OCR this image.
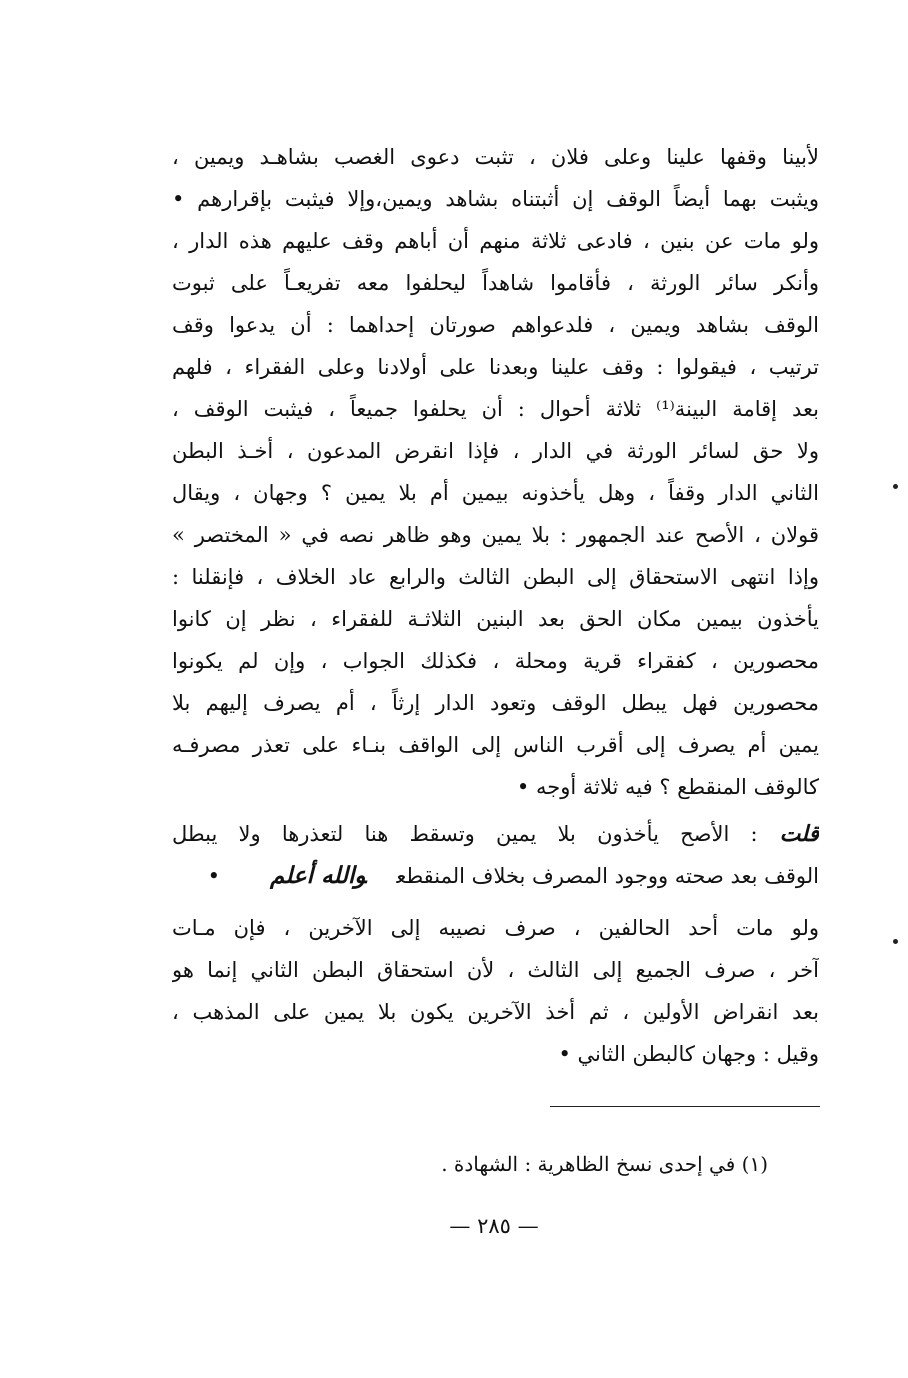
لأبينا وقفها علينا وعلى فلان ، تثبت دعوى الغصب بشاهـد ويمين ،
ويثبت بهما أيضاً الوقف إن أثبتناه بشاهد ويمين،وإلا فيثبت بإقرارهم •
ولو مات عن بنين ، فادعى ثلاثة منهم أن أباهم وقف عليهم هذه الدار ،
وأنكر سائر الورثة ، فأقاموا شاهداً ليحلفوا معه تفريعـاً على ثبوت
الوقف بشاهد ويمين ، فلدعواهم صورتان إحداهما : أن يدعوا وقف
ترتيب ، فيقولوا : وقف علينا وبعدنا على أولادنا وعلى الفقراء ، فلهم
بعد إقامة البينة⁽¹⁾ ثلاثة أحوال : أن يحلفوا جميعاً ، فيثبت الوقف ،
ولا حق لسائر الورثة في الدار ، فإذا انقرض المدعون ، أخـذ البطن
الثاني الدار وقفاً ، وهل يأخذونه بيمين أم بلا يمين ؟ وجهان ، ويقال
قولان ، الأصح عند الجمهور : بلا يمين وهو ظاهر نصه في « المختصر »
وإذا انتهى الاستحقاق إلى البطن الثالث والرابع عاد الخلاف ، فإنقلنا :
يأخذون بيمين مكان الحق بعد البنين الثلاثـة للفقراء ، نظر إن كانوا
محصورين ، كفقراء قرية ومحلة ، فكذلك الجواب ، وإن لم يكونوا
محصورين فهل يبطل الوقف وتعود الدار إرثاً ، أم يصرف إليهم بلا
يمين أم يصرف إلى أقرب الناس إلى الواقف بنـاء على تعذر مصرفـه
كالوقف المنقطع ؟ فيه ثلاثة أوجه •
قلت: الأصح يأخذون بلا يمين وتسقط هنا لتعذرها ولا يبطل
الوقف بعد صحته ووجود المصرف بخلاف المنقطعوالله أعلم•
ولو مات أحد الحالفين ، صرف نصيبه إلى الآخرين ، فإن مـات
آخر ، صرف الجميع إلى الثالث ، لأن استحقاق البطن الثاني إنما هو
بعد انقراض الأولين ، ثم أخذ الآخرين يكون بلا يمين على المذهب ،
وقيل : وجهان كالبطن الثاني •
(١) في إحدى نسخ الظاهرية : الشهادة .
— ٢٨٥ —
